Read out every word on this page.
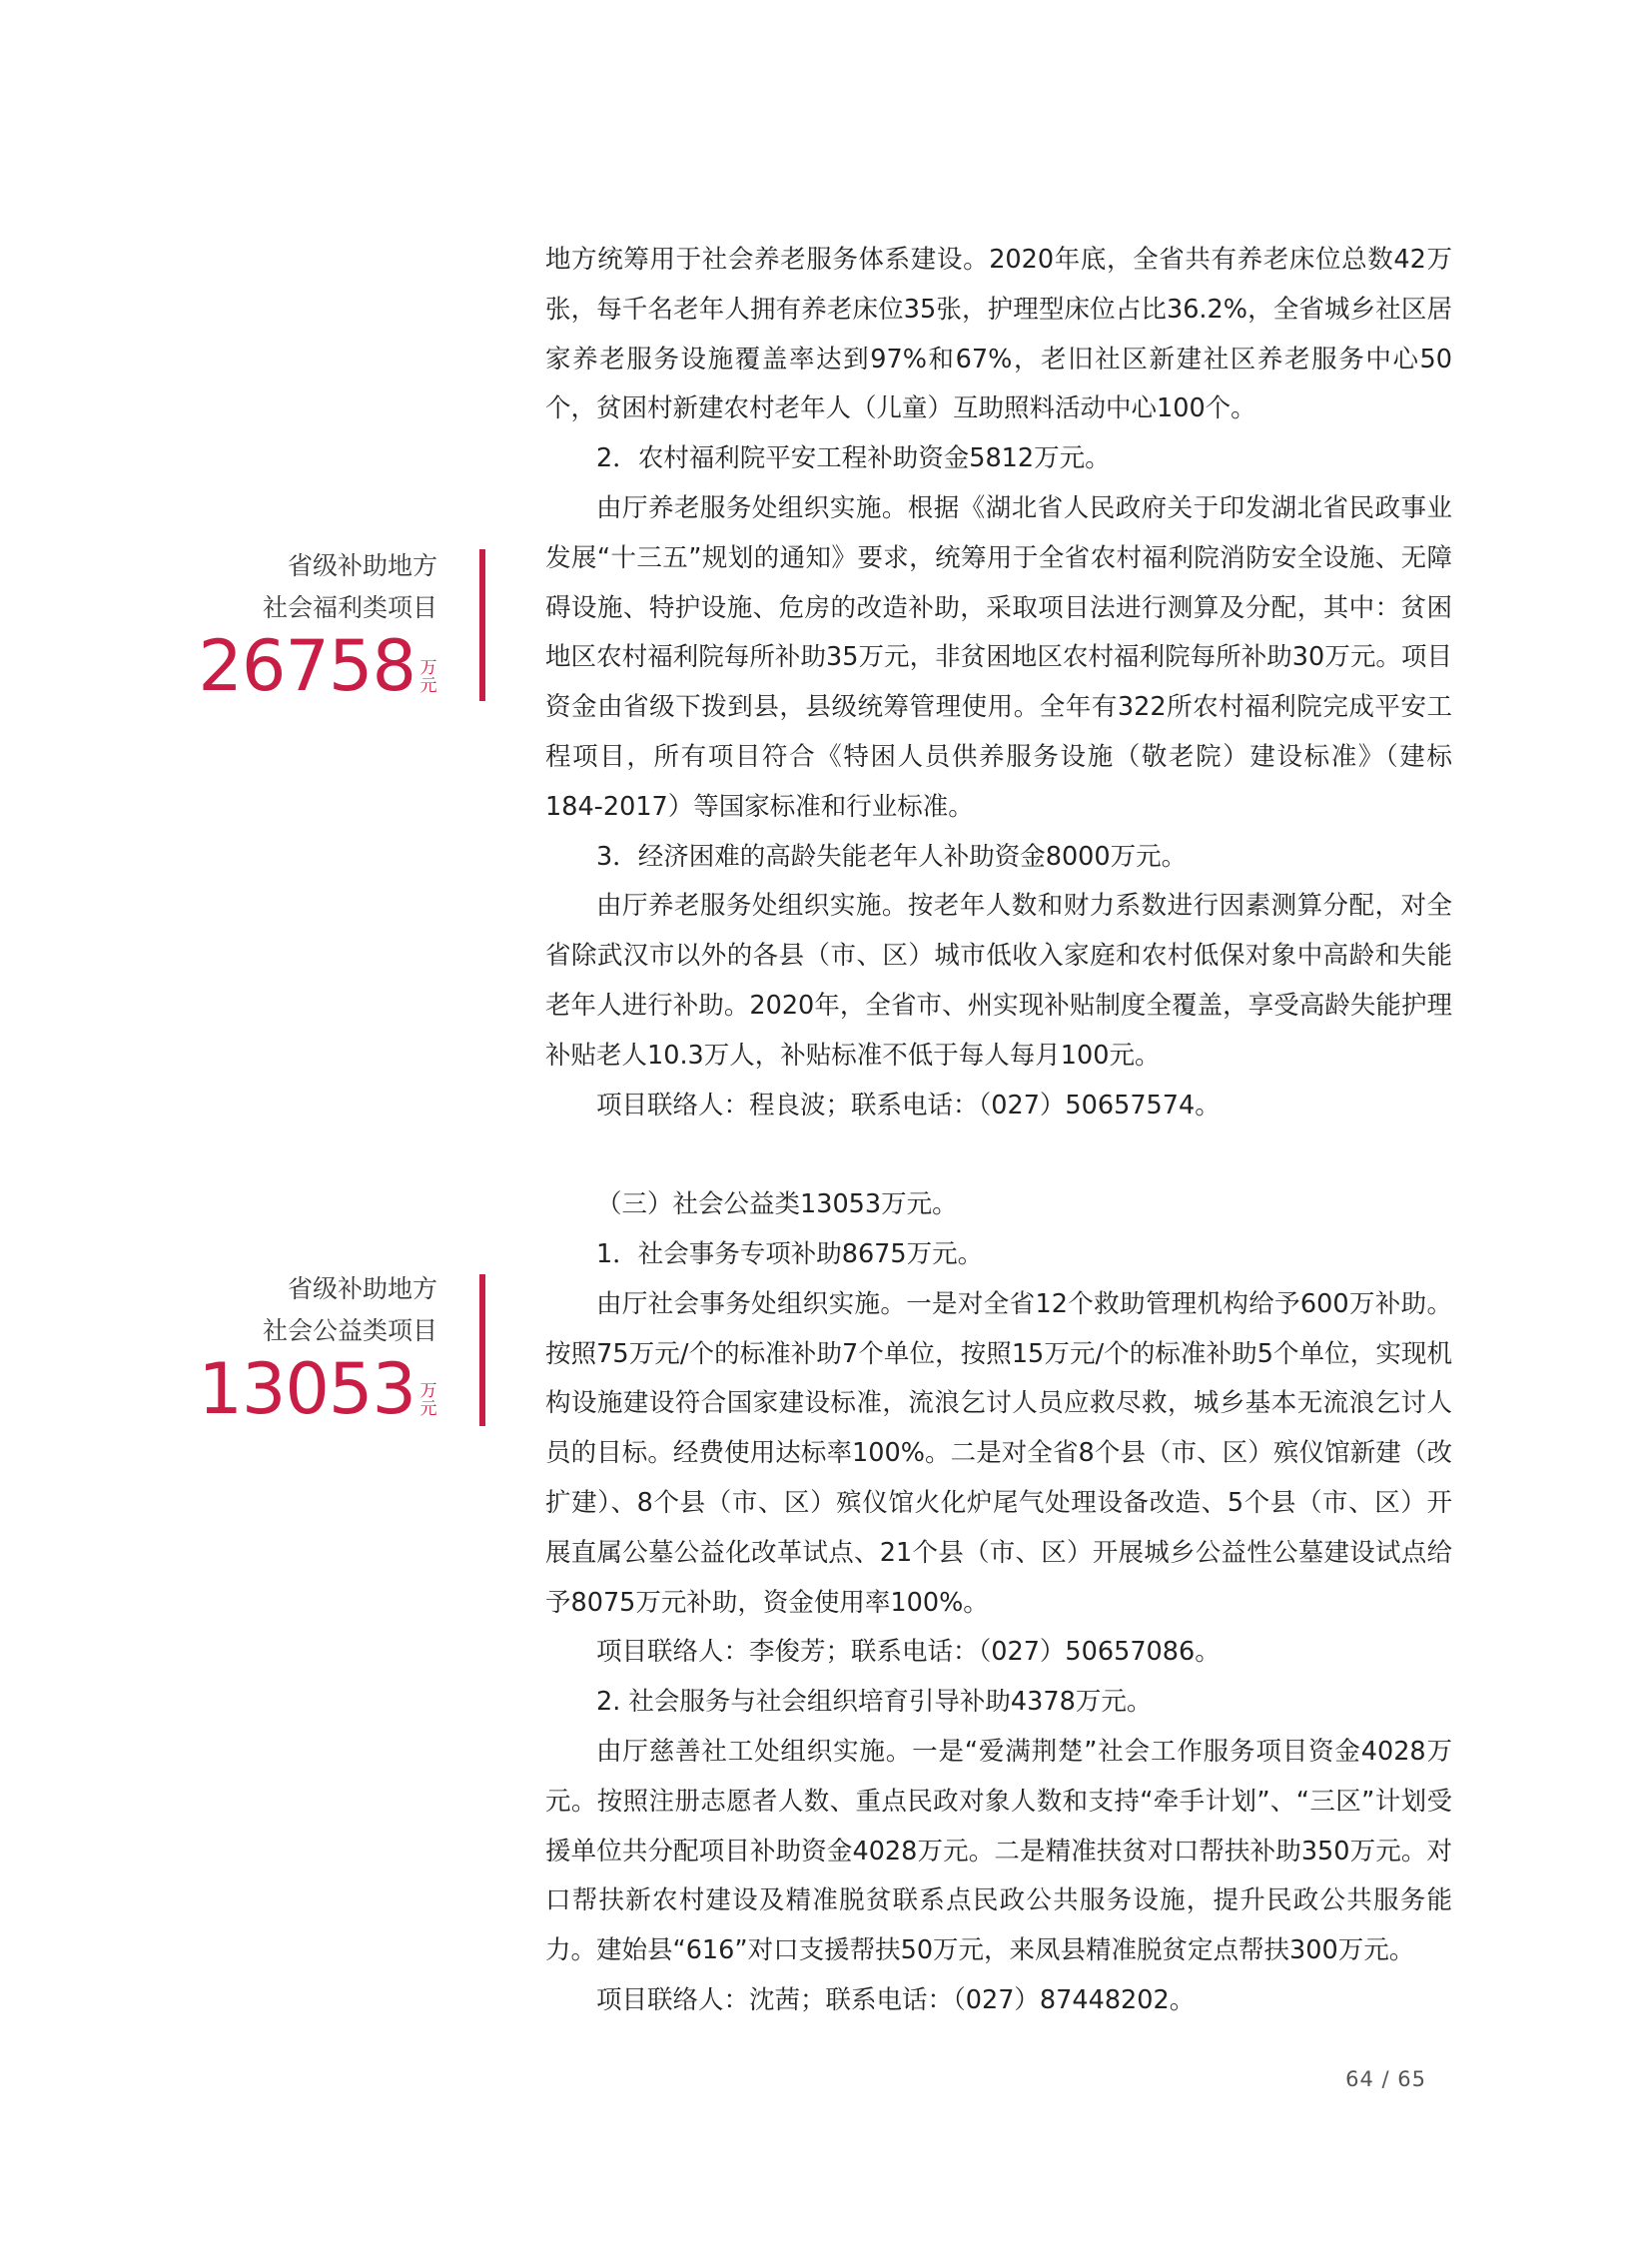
省级补助地方
社会福利类项目
26758 万元
省级补助地方
社会公益类项目
13053 万元

地方统筹用于社会养老服务体系建设。2020年底，全省共有养老床位总数42万张，每千名老年人拥有养老床位35张，护理型床位占比36.2%，全省城乡社区居家养老服务设施覆盖率达到97%和67%，老旧社区新建社区养老服务中心50个，贫困村新建农村老年人（儿童）互助照料活动中心100个。

2．农村福利院平安工程补助资金5812万元。

由厅养老服务处组织实施。根据《湖北省人民政府关于印发湖北省民政事业发展“十三五”规划的通知》要求，统筹用于全省农村福利院消防安全设施、无障碍设施、特护设施、危房的改造补助，采取项目法进行测算及分配，其中：贫困地区农村福利院每所补助35万元，非贫困地区农村福利院每所补助30万元。项目资金由省级下拨到县，县级统筹管理使用。全年有322所农村福利院完成平安工程项目，所有项目符合《特困人员供养服务设施（敬老院）建设标准》（建标184-2017）等国家标准和行业标准。

3．经济困难的高龄失能老年人补助资金8000万元。

由厅养老服务处组织实施。按老年人数和财力系数进行因素测算分配，对全省除武汉市以外的各县（市、区）城市低收入家庭和农村低保对象中高龄和失能老年人进行补助。2020年，全省市、州实现补贴制度全覆盖，享受高龄失能护理补贴老人10.3万人，补贴标准不低于每人每月100元。

项目联络人：程良波；联系电话：（027）50657574。

（三）社会公益类13053万元。

1．社会事务专项补助8675万元。

由厅社会事务处组织实施。一是对全省12个救助管理机构给予600万补助。按照75万元/个的标准补助7个单位，按照15万元/个的标准补助5个单位，实现机构设施建设符合国家建设标准，流浪乞讨人员应救尽救，城乡基本无流浪乞讨人员的目标。经费使用达标率100%。二是对全省8个县（市、区）殡仪馆新建（改扩建）、8个县（市、区）殡仪馆火化炉尾气处理设备改造、5个县（市、区）开展直属公墓公益化改革试点、21个县（市、区）开展城乡公益性公墓建设试点给予8075万元补助，资金使用率100%。

项目联络人：李俊芳；联系电话：（027）50657086。

2. 社会服务与社会组织培育引导补助4378万元。

由厅慈善社工处组织实施。一是“爱满荆楚”社会工作服务项目资金4028万元。按照注册志愿者人数、重点民政对象人数和支持“牵手计划”、“三区”计划受援单位共分配项目补助资金4028万元。二是精准扶贫对口帮扶补助350万元。对口帮扶新农村建设及精准脱贫联系点民政公共服务设施，提升民政公共服务能力。建始县“616”对口支援帮扶50万元，来凤县精准脱贫定点帮扶300万元。

项目联络人：沈茜；联系电话：（027）87448202。

64 / 65
